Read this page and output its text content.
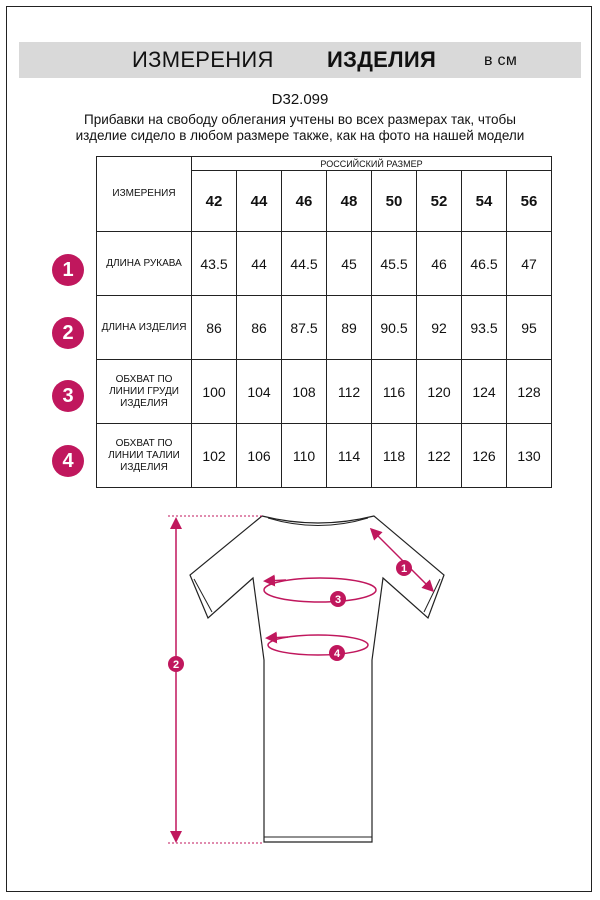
ИЗМЕРЕНИЯ ИЗДЕЛИЯ	в см
D32.099
Прибавки на свободу облегания учтены во всех размерах так, чтобы
изделие сидело в любом размере также, как на фото на нашей модели
ИЗМЕРЕНИЯ	РОССИЙСКИЙ РАЗМЕР							
	42	44	46	48	50	52	54	56
ДЛИНА РУКАВА	43.5	44	44.5	45	45.5	46	46.5	47
ДЛИНА ИЗДЕЛИЯ	86	86	87.5	89	90.5	92	93.5	95
ОБХВАТ ПО ЛИНИИ ГРУДИ ИЗДЕЛИЯ	100	104	108	112	116	120	124	128
ОБХВАТ ПО ЛИНИИ ТАЛИИ ИЗДЕЛИЯ	102	106	110	114	118	122	126	130
1
2
3
4
1
2
3
4
